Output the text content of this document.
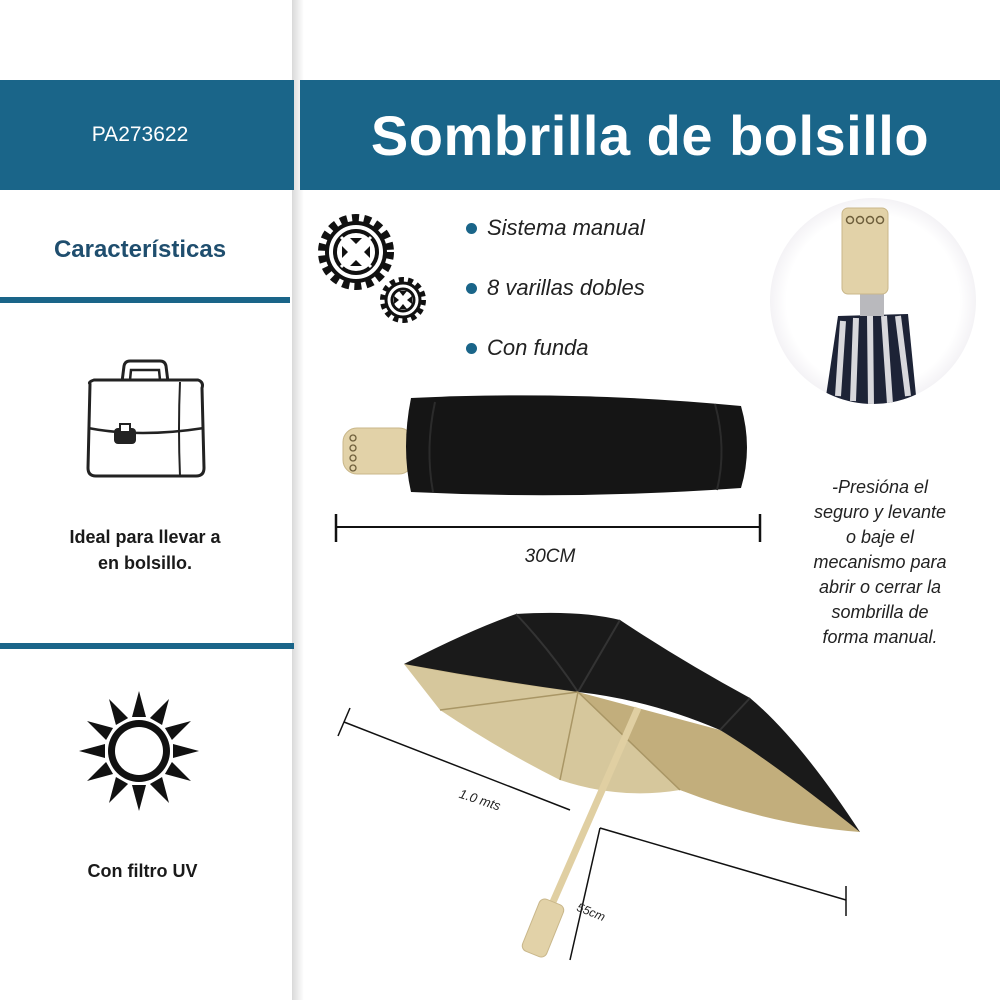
PA273622	Sombrilla de bolsillo
Características
Ideal para llevar a
en bolsillo.
Con filtro UV
Sistema manual
8 varillas dobles
Con funda
30CM
-Presióna el
seguro y levante
o baje el
mecanismo para
abrir o cerrar la
sombrilla de
forma manual.
1.0 mts
55cm
